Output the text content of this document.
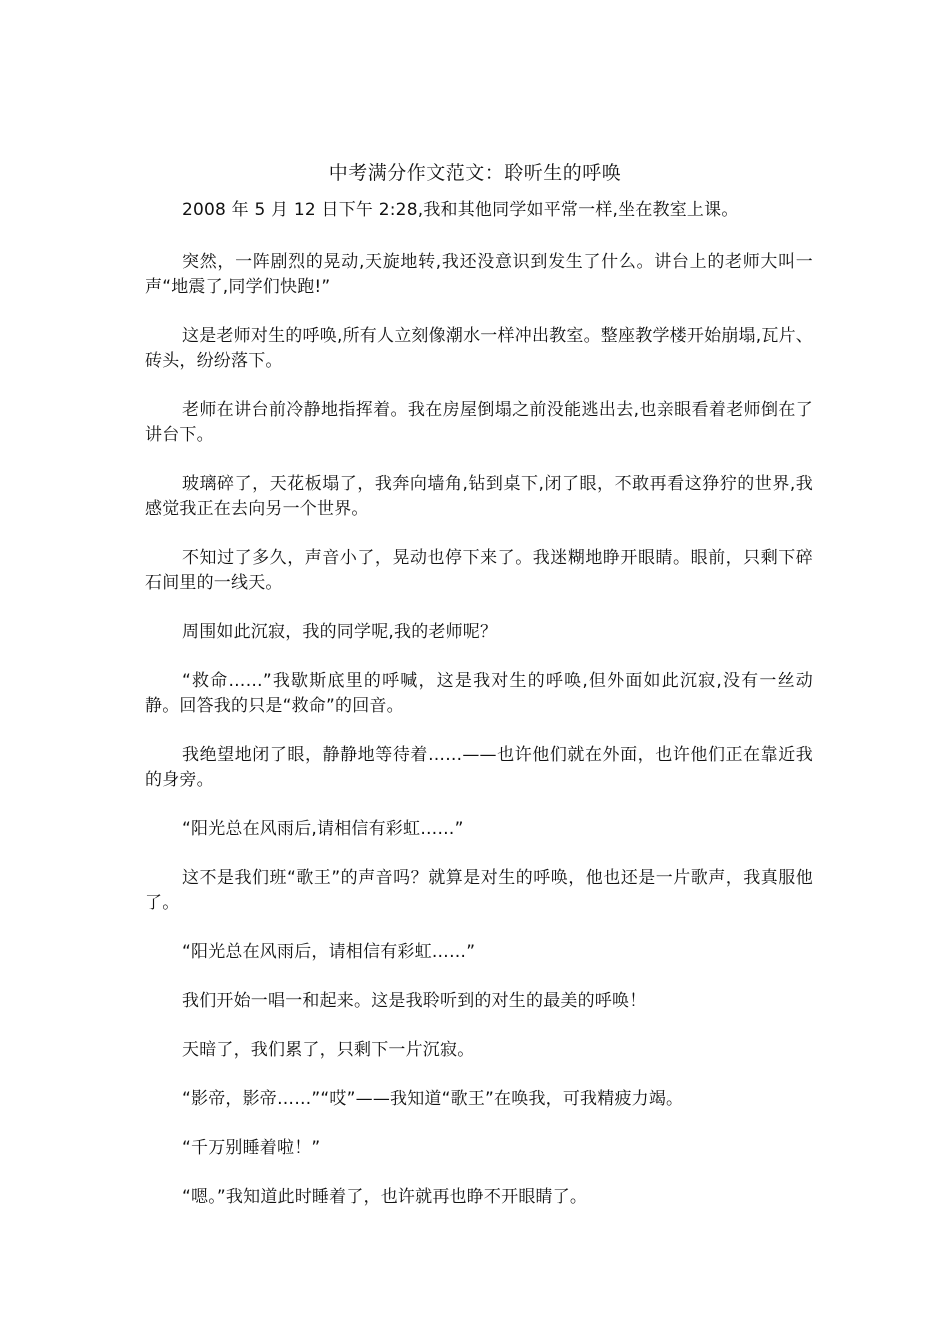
中考满分作文范文：聆听生的呼唤

2008 年 5 月 12 日下午 2:28,我和其他同学如平常一样,坐在教室上课。

突然，一阵剧烈的晃动,天旋地转,我还没意识到发生了什么。讲台上的老师大叫一声“地震了,同学们快跑!”

这是老师对生的呼唤,所有人立刻像潮水一样冲出教室。整座教学楼开始崩塌,瓦片、砖头，纷纷落下。

老师在讲台前冷静地指挥着。我在房屋倒塌之前没能逃出去,也亲眼看着老师倒在了讲台下。

玻璃碎了，天花板塌了，我奔向墙角,钻到桌下,闭了眼，不敢再看这狰狞的世界,我感觉我正在去向另一个世界。

不知过了多久，声音小了，晃动也停下来了。我迷糊地睁开眼睛。眼前，只剩下碎石间里的一线天。

周围如此沉寂，我的同学呢,我的老师呢？

“救命……”我歇斯底里的呼喊，这是我对生的呼唤,但外面如此沉寂,没有一丝动静。回答我的只是“救命”的回音。

我绝望地闭了眼，静静地等待着……——也许他们就在外面，也许他们正在靠近我的身旁。

“阳光总在风雨后,请相信有彩虹……”

这不是我们班“歌王”的声音吗？就算是对生的呼唤，他也还是一片歌声，我真服他了。

“阳光总在风雨后，请相信有彩虹……”

我们开始一唱一和起来。这是我聆听到的对生的最美的呼唤！

天暗了，我们累了，只剩下一片沉寂。

“影帝，影帝……”“哎”——我知道“歌王”在唤我，可我精疲力竭。

“千万别睡着啦！”

“嗯。”我知道此时睡着了，也许就再也睁不开眼睛了。
